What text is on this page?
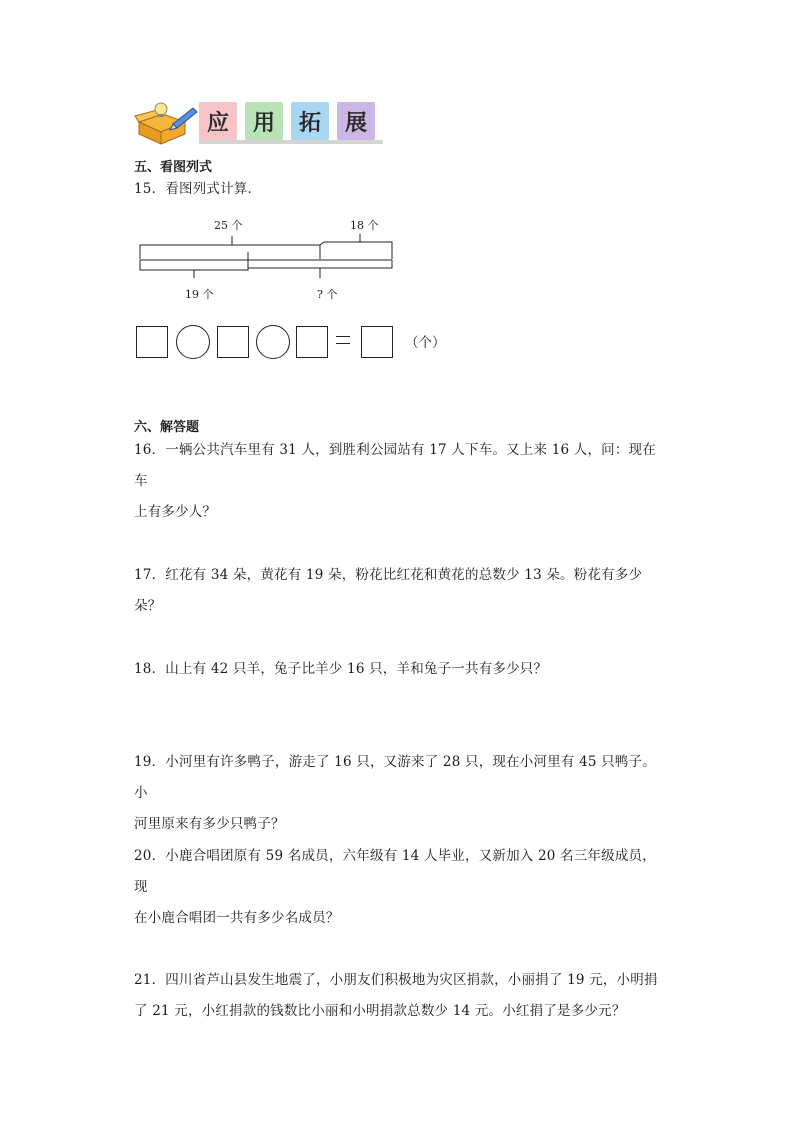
应 用 拓 展
五、看图列式
15．看图列式计算．
25 个	18 个
19 个	? 个
（个）
六、解答题
16．一辆公共汽车里有 31 人，到胜利公园站有 17 人下车。又上来 16 人，问：现在车
上有多少人？
17．红花有 34 朵，黄花有 19 朵，粉花比红花和黄花的总数少 13 朵。粉花有多少朵？
18．山上有 42 只羊，兔子比羊少 16 只，羊和兔子一共有多少只？
19．小河里有许多鸭子，游走了 16 只，又游来了 28 只，现在小河里有 45 只鸭子。小
河里原来有多少只鸭子？
20．小鹿合唱团原有 59 名成员，六年级有 14 人毕业，又新加入 20 名三年级成员，现
在小鹿合唱团一共有多少名成员？
21．四川省芦山县发生地震了，小朋友们积极地为灾区捐款，小丽捐了 19 元，小明捐
了 21 元，小红捐款的钱数比小丽和小明捐款总数少 14 元。小红捐了是多少元？
